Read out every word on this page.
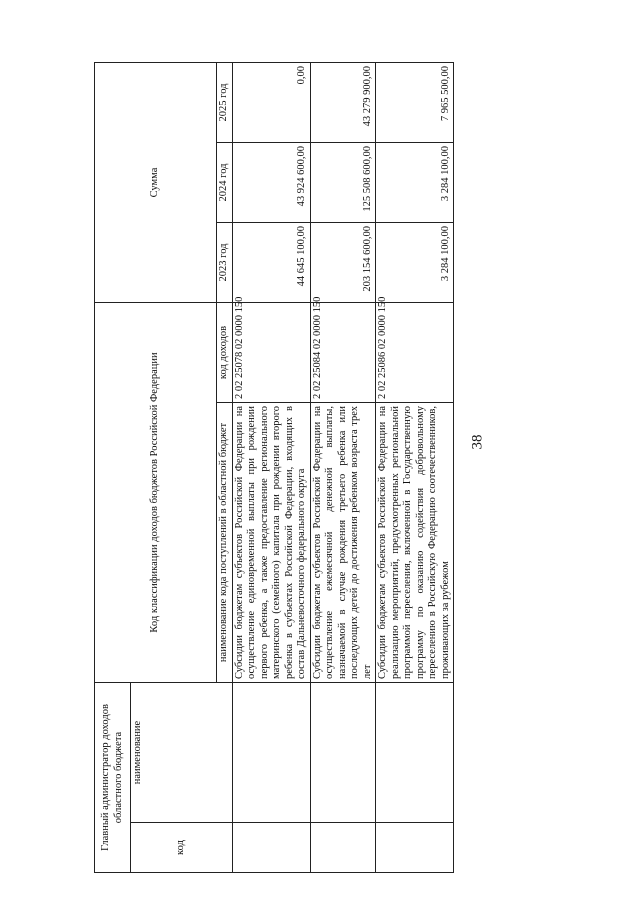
38
Главный администратор доходов областного бюджета		Код классификации доходов бюджетов Российской Федерации		Сумма		
код	наименование					
		наименование кода поступлений в областной бюджет	код доходов	2023 год	2024 год	2025 год
		Субсидии бюджетам субъектов Российской Федерации на осуществление единовременной выплаты при рождении первого ребенка, а также предоставление регионального материнского (семейного) капитала при рождении второго ребенка в субъектах Российской Федерации, входящих в состав Дальневосточного федерального округа	2 02 25078 02 0000 150	44 645 100,00	43 924 600,00	0,00
		Субсидии бюджетам субъектов Российской Федерации на осуществление ежемесячной денежной выплаты, назначаемой в случае рождения третьего ребенка или последующих детей до достижения ребенком возраста трех лет	2 02 25084 02 0000 150	203 154 600,00	125 508 600,00	43 279 900,00
		Субсидии бюджетам субъектов Российской Федерации на реализацию мероприятий, предусмотренных региональной программой переселения, включенной в Государственную программу по оказанию содействия добровольному переселению в Российскую Федерацию соотечественников, проживающих за рубежом	2 02 25086 02 0000 150	3 284 100,00	3 284 100,00	7 965 500,00
